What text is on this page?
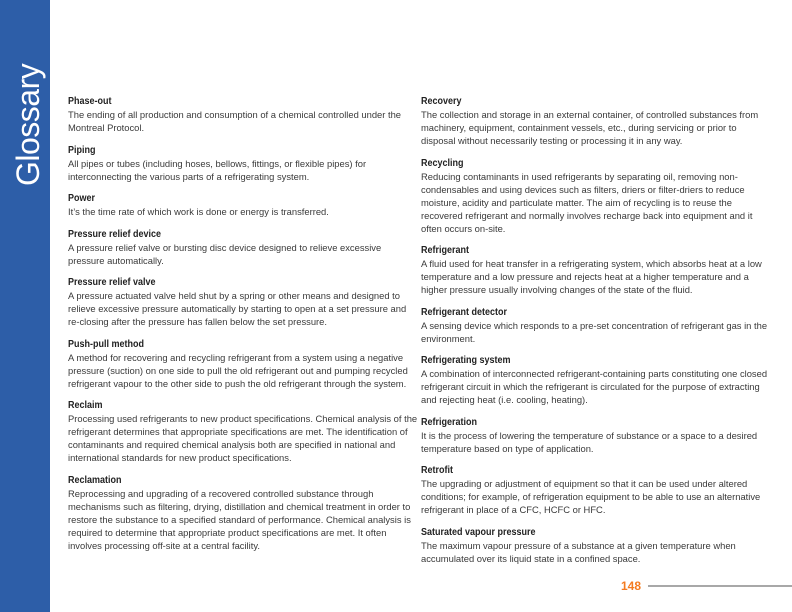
Glossary Phase-out
The ending of all production and consumption of a chemical controlled under the Montreal Protocol.
Piping
All pipes or tubes (including hoses, bellows, fittings, or flexible pipes) for interconnecting the various parts of a refrigerating system.
Power
It’s the time rate of which work is done or energy is transferred.
Pressure relief device
A pressure relief valve or bursting disc device designed to relieve excessive pressure automatically.
Pressure relief valve
A pressure actuated valve held shut by a spring or other means and designed to relieve excessive pressure automatically by starting to open at a set pressure and re-closing after the pressure has fallen below the set pressure.
Push-pull method
A method for recovering and recycling refrigerant from a system using a negative pressure (suction) on one side to pull the old refrigerant out and pumping recycled refrigerant vapour to the other side to push the old refrigerant through the system.
Reclaim
Processing used refrigerants to new product specifications. Chemical analysis of the refrigerant determines that appropriate specifications are met. The identification of contaminants and required chemical analysis both are specified in national and international standards for new product specifications.
Reclamation
Reprocessing and upgrading of a recovered controlled substance through mechanisms such as filtering, drying, distillation and chemical treatment in order to restore the substance to a specified standard of performance. Chemical analysis is required to determine that appropriate product specifications are met. It often involves processing off-site at a central facility.
Recovery
The collection and storage in an external container, of controlled substances from machinery, equipment, containment vessels, etc., during servicing or prior to disposal without necessarily testing or processing it in any way.
Recycling
Reducing contaminants in used refrigerants by separating oil, removing non-condensables and using devices such as filters, driers or filter-driers to reduce moisture, acidity and particulate matter. The aim of recycling is to reuse the recovered refrigerant and normally involves recharge back into equipment and it often occurs on-site.
Refrigerant
A fluid used for heat transfer in a refrigerating system, which absorbs heat at a low temperature and a low pressure and rejects heat at a higher temperature and a higher pressure usually involving changes of the state of the fluid.
Refrigerant detector
A sensing device which responds to a pre-set concentration of refrigerant gas in the environment.
Refrigerating system
A combination of interconnected refrigerant-containing parts constituting one closed refrigerant circuit in which the refrigerant is circulated for the purpose of extracting and rejecting heat (i.e. cooling, heating).
Refrigeration
It is the process of lowering the temperature of substance or a space to a desired temperature based on type of application.
Retrofit
The upgrading or adjustment of equipment so that it can be used under altered conditions; for example, of refrigeration equipment to be able to use an alternative refrigerant in place of a CFC, HCFC or HFC.
Saturated vapour pressure
The maximum vapour pressure of a substance at a given temperature when accumulated over its liquid state in a confined space.
148
